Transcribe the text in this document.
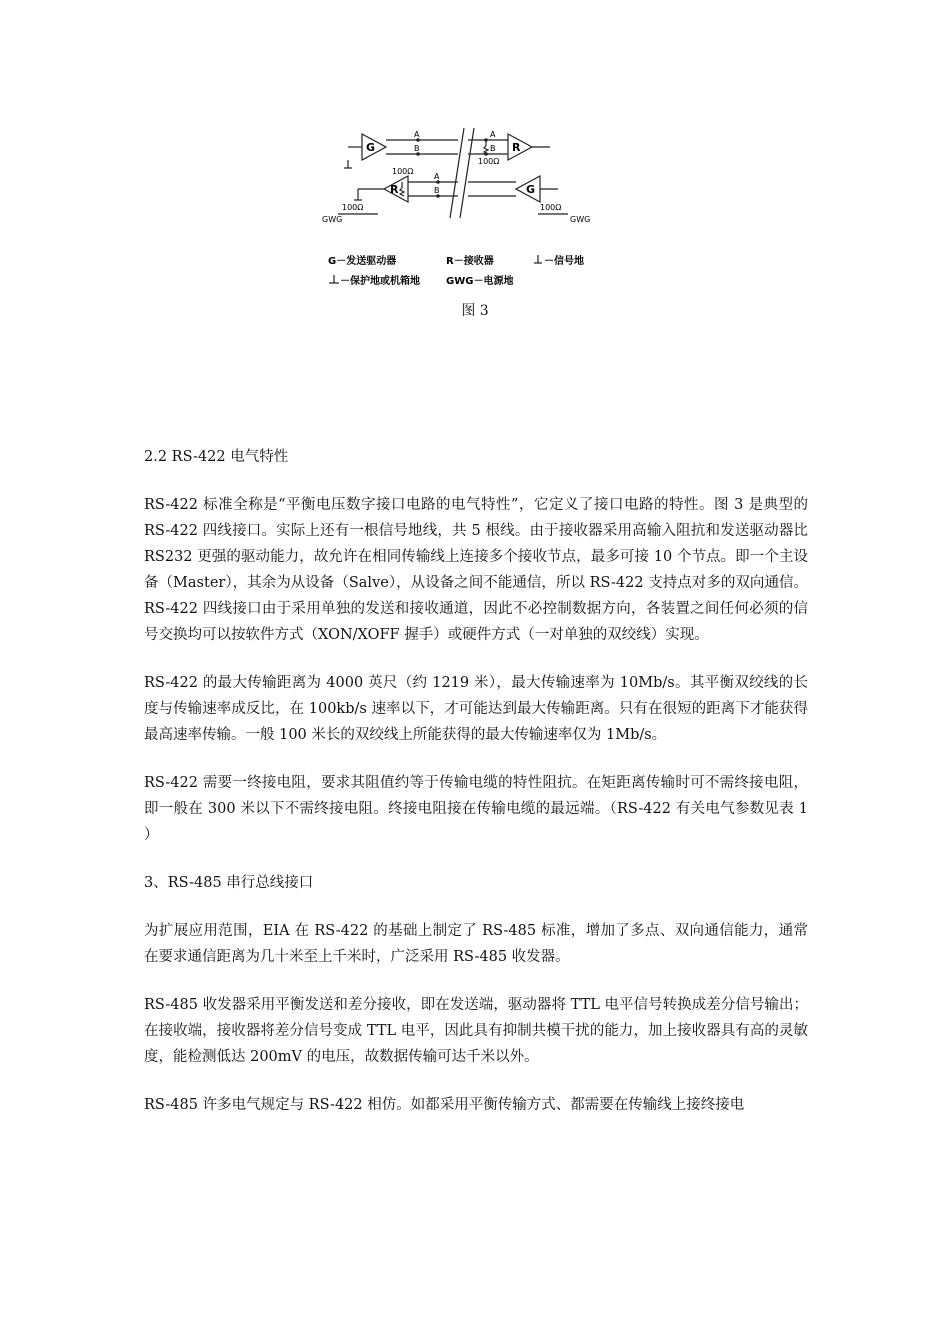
G	R
G
R
A
B
A
B
A
B
100Ω
100Ω
100Ω	100Ω
GWG	GWG
G－发送驱动器	R－接收器	－信号地
－保护地或机箱地	GWG－电源地
图 3

2.2 RS-422 电气特性

RS-422 标准全称是“平衡电压数字接口电路的电气特性”，它定义了接口电路的特性。图 3 是典型的 RS-422 四线接口。实际上还有一根信号地线，共 5 根线。由于接收器采用高输入阻抗和发送驱动器比 RS232 更强的驱动能力，故允许在相同传输线上连接多个接收节点，最多可接 10 个节点。即一个主设备（Master），其余为从设备（Salve），从设备之间不能通信，所以 RS-422 支持点对多的双向通信。RS-422 四线接口由于采用单独的发送和接收通道，因此不必控制数据方向，各装置之间任何必须的信号交换均可以按软件方式（XON/XOFF 握手）或硬件方式（一对单独的双绞线）实现。

RS-422 的最大传输距离为 4000 英尺（约 1219 米），最大传输速率为 10Mb/s。其平衡双绞线的长度与传输速率成反比，在 100kb/s 速率以下，才可能达到最大传输距离。只有在很短的距离下才能获得最高速率传输。一般 100 米长的双绞线上所能获得的最大传输速率仅为 1Mb/s。

RS-422 需要一终接电阻，要求其阻值约等于传输电缆的特性阻抗。在矩距离传输时可不需终接电阻，即一般在 300 米以下不需终接电阻。终接电阻接在传输电缆的最远端。（RS-422 有关电气参数见表 1 ）

3、RS-485 串行总线接口

为扩展应用范围，EIA 在 RS-422 的基础上制定了 RS-485 标准，增加了多点、双向通信能力，通常在要求通信距离为几十米至上千米时，广泛采用 RS-485 收发器。

RS-485 收发器采用平衡发送和差分接收，即在发送端，驱动器将 TTL 电平信号转换成差分信号输出；在接收端，接收器将差分信号变成 TTL 电平，因此具有抑制共模干扰的能力，加上接收器具有高的灵敏度，能检测低达 200mV 的电压，故数据传输可达千米以外。

RS-485 许多电气规定与 RS-422 相仿。如都采用平衡传输方式、都需要在传输线上接终接电
